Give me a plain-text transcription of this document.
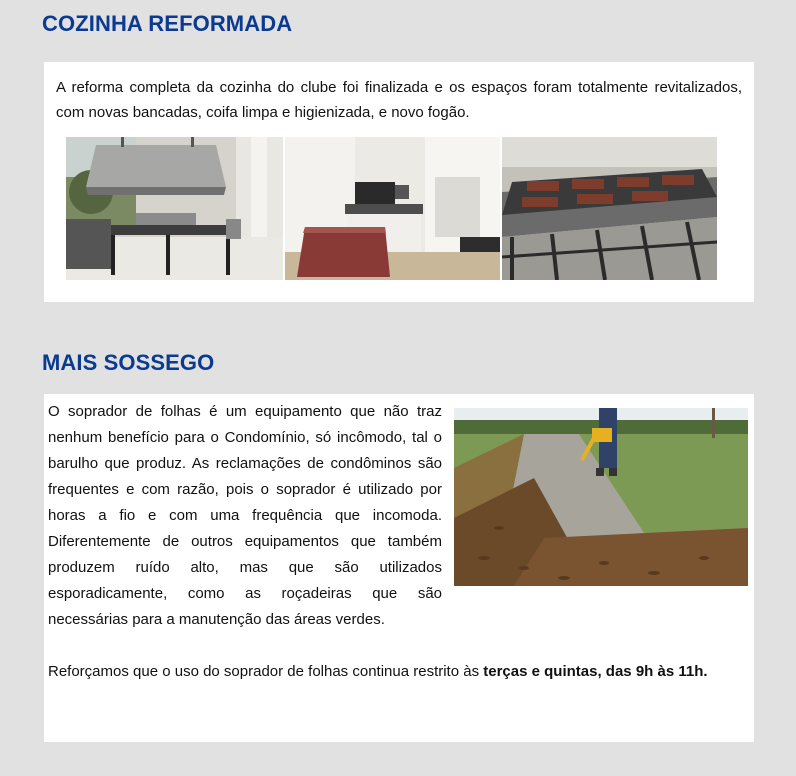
COZINHA REFORMADA

A reforma completa da cozinha do clube foi finalizada e os espaços foram totalmente revitalizados, com novas bancadas, coifa limpa e higienizada, e novo fogão.

MAIS SOSSEGO

O soprador de folhas é um equipamento que não traz nenhum benefício para o Condomínio, só incômodo, tal o barulho que produz. As reclamações de condôminos são frequentes e com razão, pois o soprador é utilizado por horas a fio e com uma frequência que incomoda. Diferentemente de outros equipamentos que também produzem ruído alto, mas que são utilizados esporadicamente, como as roçadeiras que são necessárias para a manutenção das áreas verdes.

Reforçamos que o uso do soprador de folhas continua restrito às terças e quintas, das 9h às 11h.
